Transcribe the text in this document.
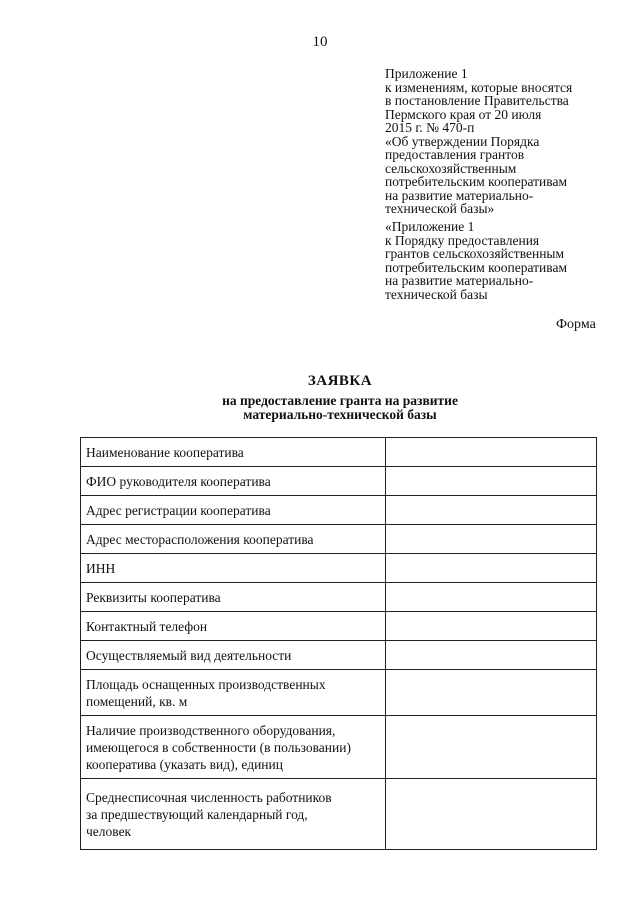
10
Приложение 1
к изменениям, которые вносятся
в постановление Правительства
Пермского края от 20 июля
2015 г. № 470-п
«Об утверждении Порядка
предоставления грантов
сельскохозяйственным
потребительским кооперативам
на развитие материально-
технической базы»
«Приложение 1
к Порядку предоставления
грантов сельскохозяйственным
потребительским кооперативам
на развитие материально-
технической базы
Форма
ЗАЯВКА
на предоставление гранта на развитие
материально-технической базы
Наименование кооператива	

ФИО руководителя кооператива	

Адрес регистрации кооператива	

Адрес месторасположения кооператива	

ИНН	

Реквизиты кооператива	

Контактный телефон	

Осуществляемый вид деятельности	

Площадь оснащенных производственных
помещений, кв. м	

Наличие производственного оборудования,
имеющегося в собственности (в пользовании)
кооператива (указать вид), единиц	

Среднесписочная численность работников
за предшествующий календарный год,
человек	
